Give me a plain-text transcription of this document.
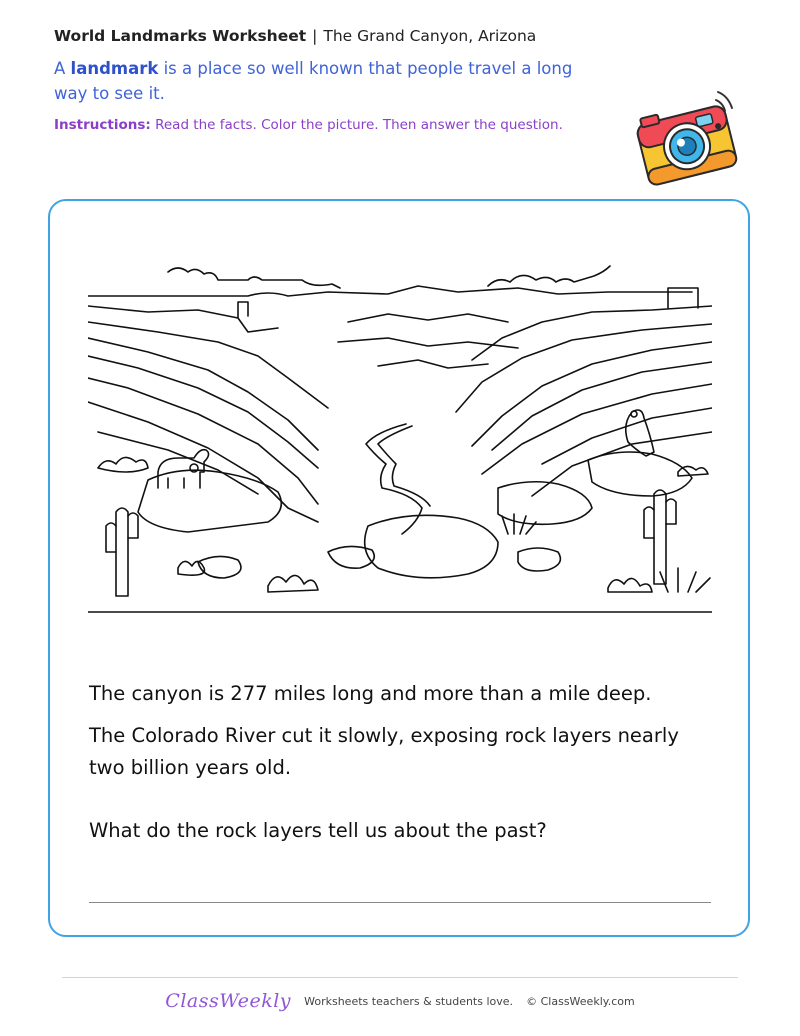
World Landmarks Worksheet | The Grand Canyon, Arizona
A landmark is a place so well known that people travel a long way to see it.
Instructions: Read the facts. Color the picture. Then answer the question.
The canyon is 277 miles long and more than a mile deep.
The Colorado River cut it slowly, exposing rock layers nearly two billion years old.
What do the rock layers tell us about the past?
ClassWeekly Worksheets teachers & students love. © ClassWeekly.com
